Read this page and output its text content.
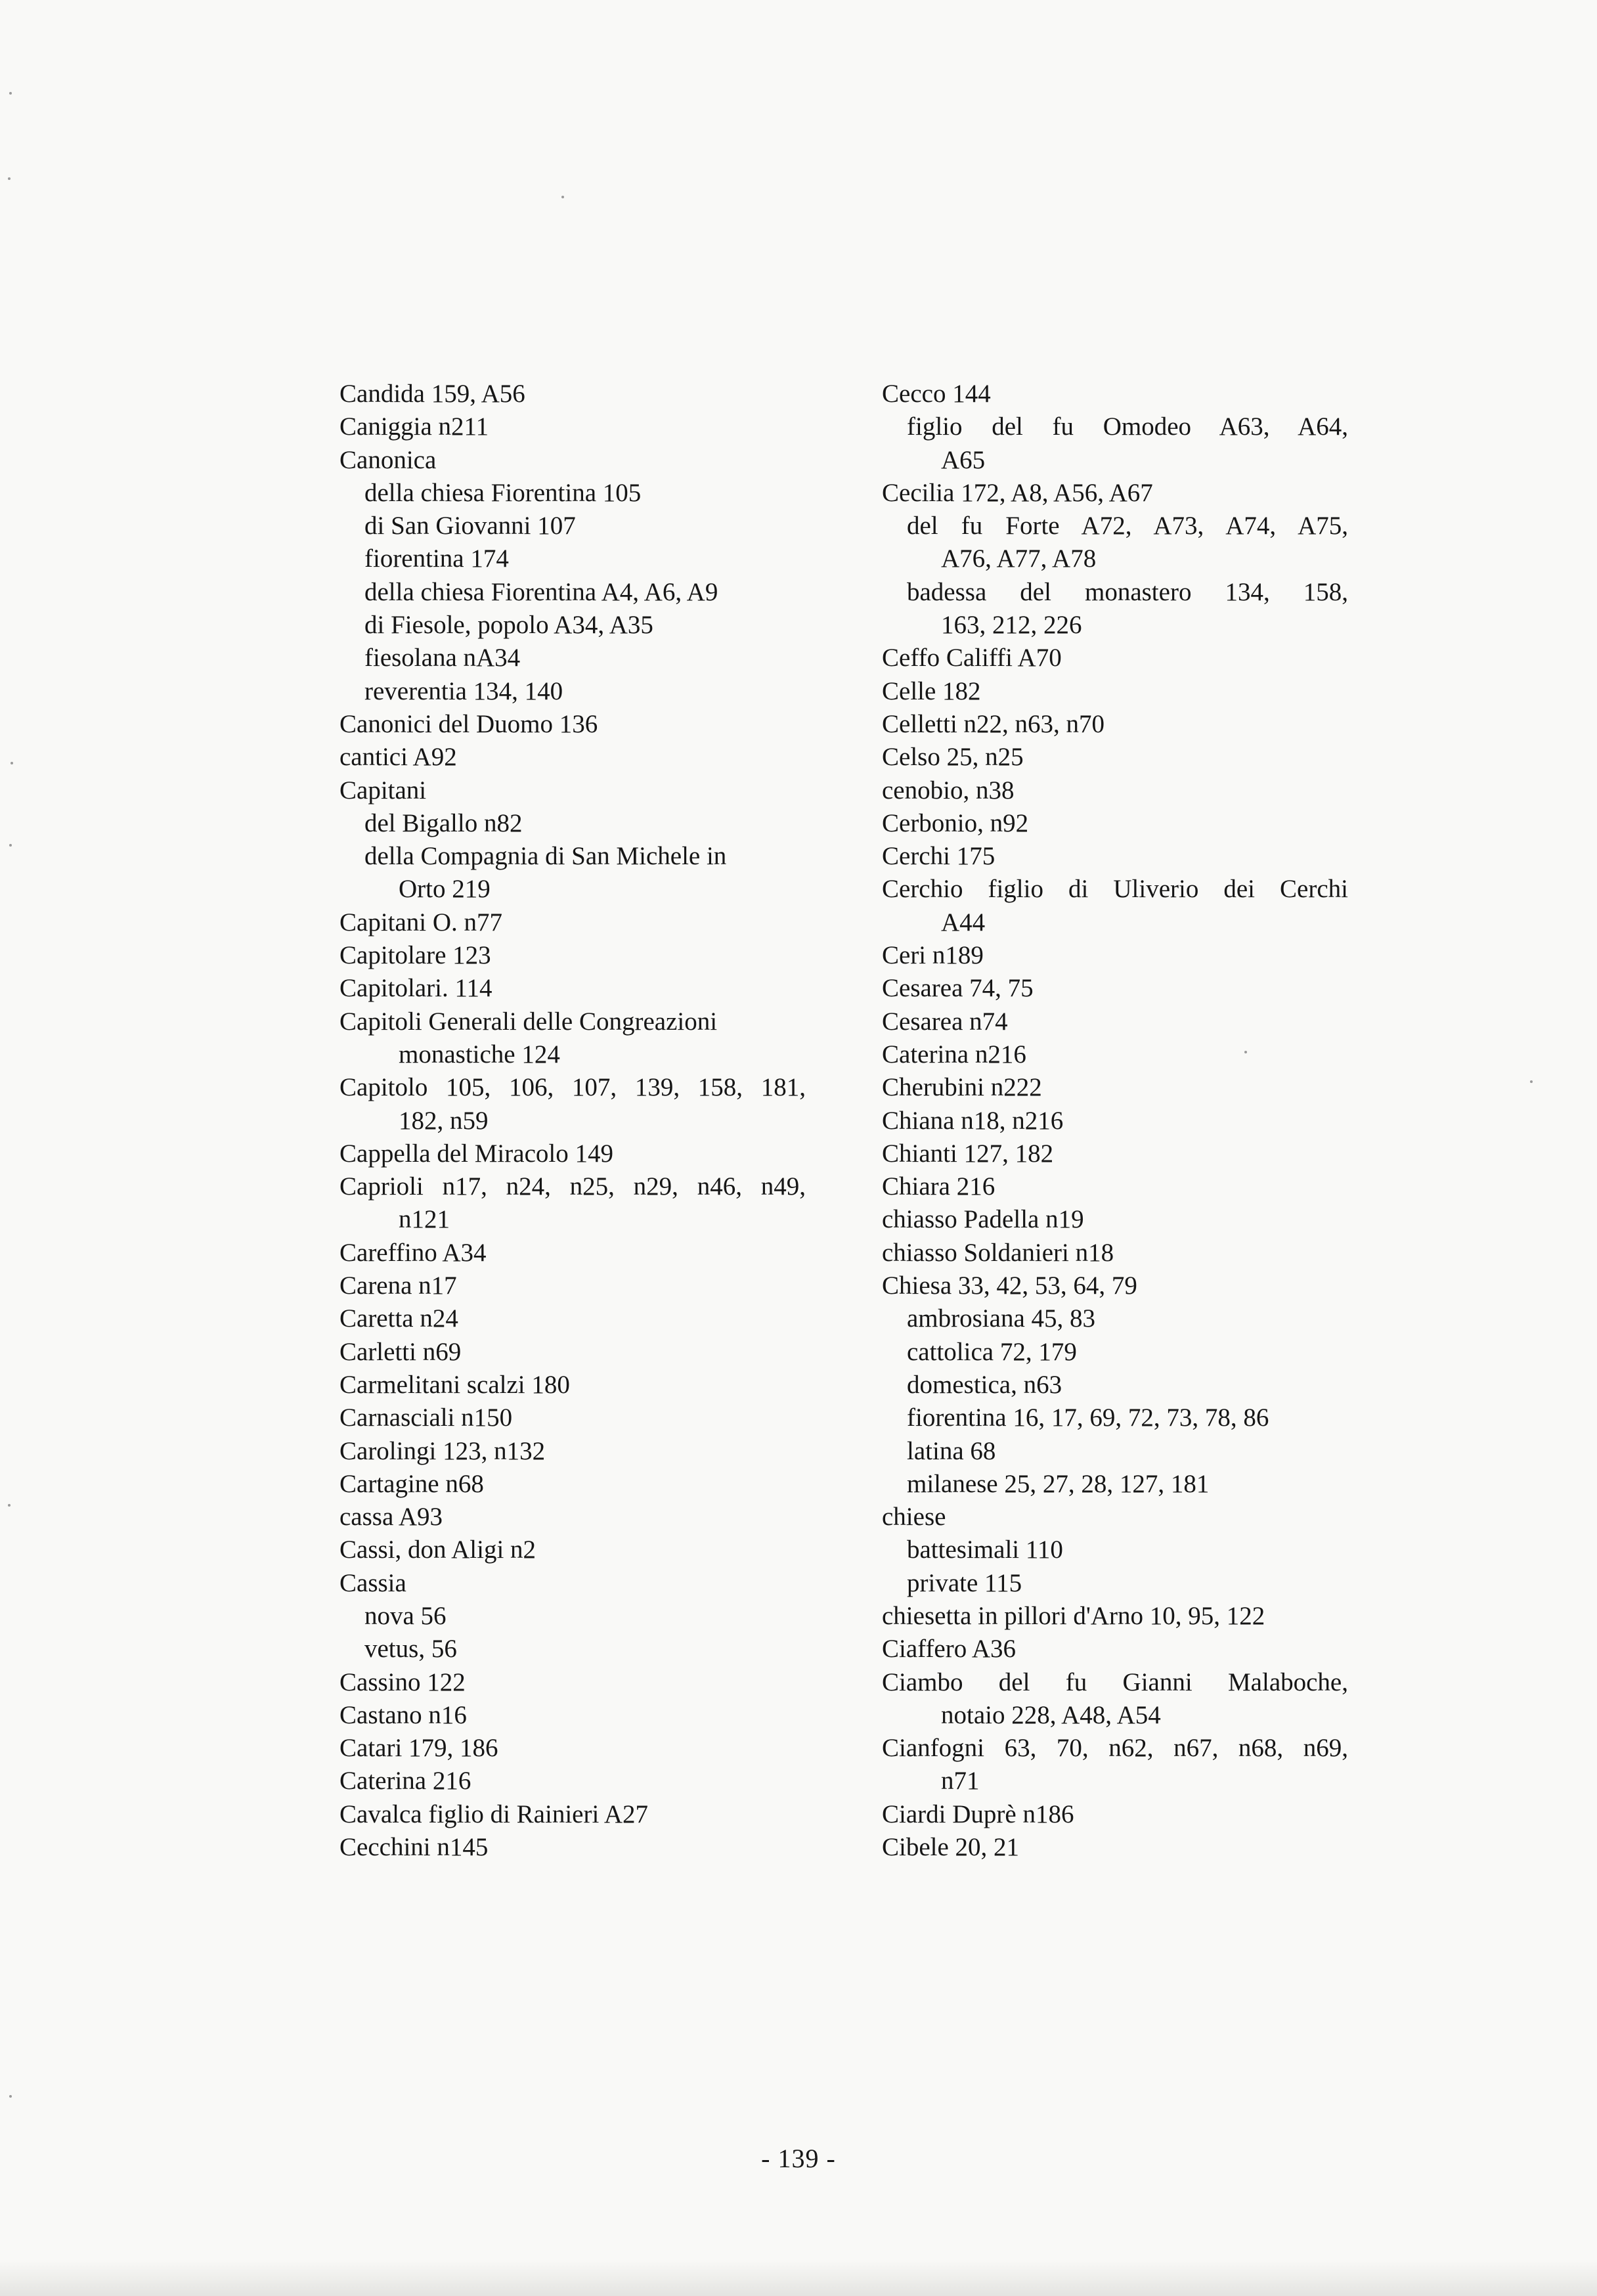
Candida 159, A56
Caniggia n211
Canonica
della chiesa Fiorentina 105
di San Giovanni 107
fiorentina 174
della chiesa Fiorentina A4, A6, A9
di Fiesole, popolo A34, A35
fiesolana nA34
reverentia 134, 140
Canonici del Duomo 136
cantici A92
Capitani
del Bigallo n82
della Compagnia di San Michele in
Orto 219
Capitani O. n77
Capitolare 123
Capitolari. 114
Capitoli Generali delle Congreazioni
monastiche 124
Capitolo 105, 106, 107, 139, 158, 181,
182, n59
Cappella del Miracolo 149
Caprioli n17, n24, n25, n29, n46, n49,
n121
Careffino A34
Carena n17
Caretta n24
Carletti n69
Carmelitani scalzi 180
Carnasciali n150
Carolingi 123, n132
Cartagine n68
cassa A93
Cassi, don Aligi n2
Cassia
nova 56
vetus, 56
Cassino 122
Castano n16
Catari 179, 186
Caterina 216
Cavalca figlio di Rainieri A27
Cecchini n145
Cecco 144
figlio del fu Omodeo A63, A64,
A65
Cecilia 172, A8, A56, A67
del fu Forte A72, A73, A74, A75,
A76, A77, A78
badessa del monastero 134, 158,
163, 212, 226
Ceffo Califfi A70
Celle 182
Celletti n22, n63, n70
Celso 25, n25
cenobio, n38
Cerbonio, n92
Cerchi 175
Cerchio figlio di Uliverio dei Cerchi
A44
Ceri n189
Cesarea 74, 75
Cesarea n74
Caterina n216
Cherubini n222
Chiana n18, n216
Chianti 127, 182
Chiara 216
chiasso Padella n19
chiasso Soldanieri n18
Chiesa 33, 42, 53, 64, 79
ambrosiana 45, 83
cattolica 72, 179
domestica, n63
fiorentina 16, 17, 69, 72, 73, 78, 86
latina 68
milanese 25, 27, 28, 127, 181
chiese
battesimali 110
private 115
chiesetta in pillori d'Arno 10, 95, 122
Ciaffero A36
Ciambo del fu Gianni Malaboche,
notaio 228, A48, A54
Cianfogni 63, 70, n62, n67, n68, n69,
n71
Ciardi Duprè n186
Cibele 20, 21
- 139 -
